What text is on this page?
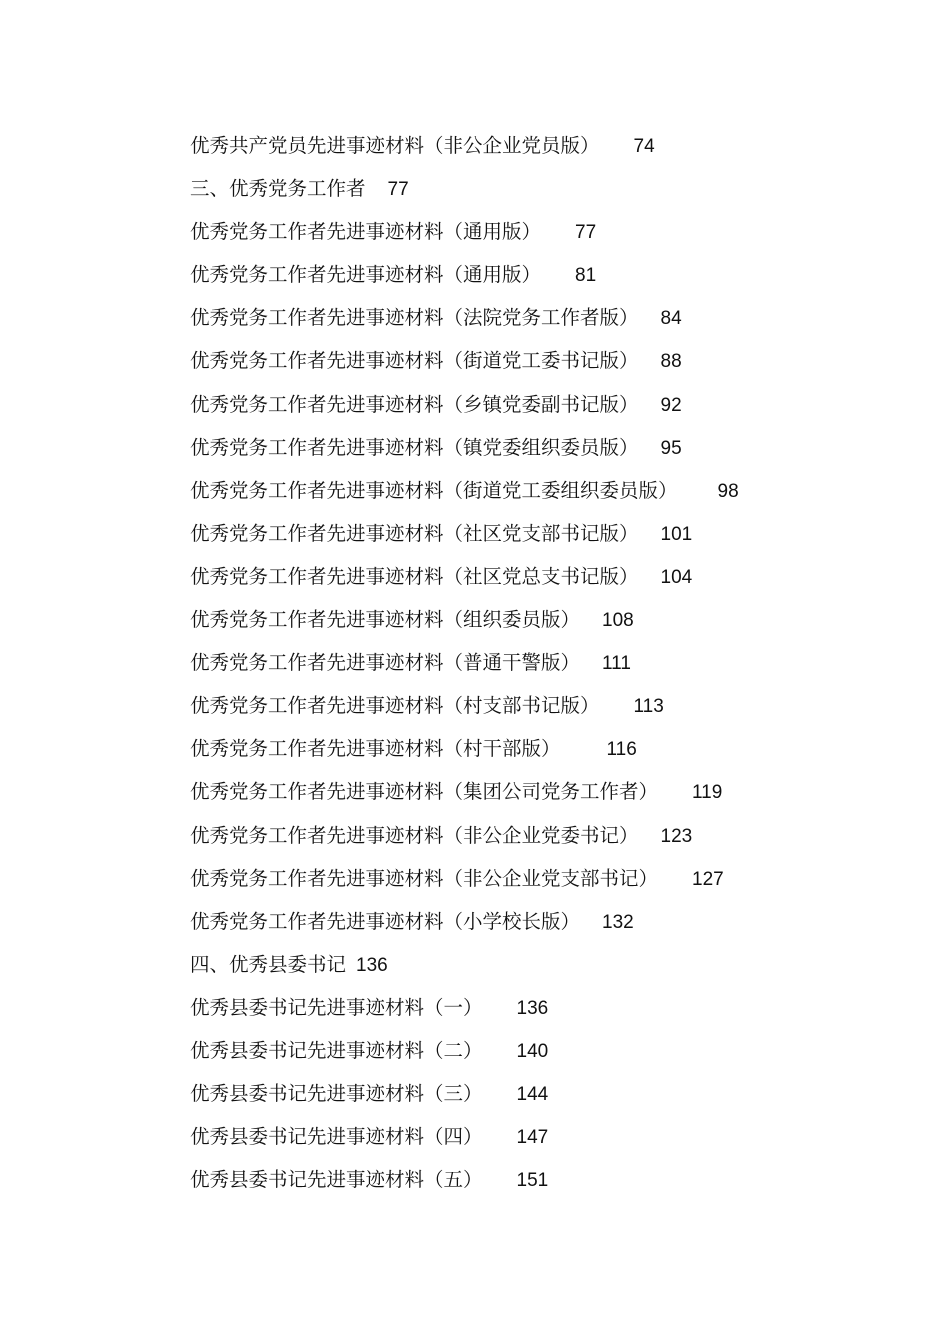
优秀共产党员先进事迹材料（非公企业党员版） 74
三、优秀党务工作者 77
优秀党务工作者先进事迹材料（通用版） 77
优秀党务工作者先进事迹材料（通用版） 81
优秀党务工作者先进事迹材料（法院党务工作者版） 84
优秀党务工作者先进事迹材料（街道党工委书记版） 88
优秀党务工作者先进事迹材料（乡镇党委副书记版） 92
优秀党务工作者先进事迹材料（镇党委组织委员版） 95
优秀党务工作者先进事迹材料（街道党工委组织委员版） 98
优秀党务工作者先进事迹材料（社区党支部书记版） 101
优秀党务工作者先进事迹材料（社区党总支书记版） 104
优秀党务工作者先进事迹材料（组织委员版） 108
优秀党务工作者先进事迹材料（普通干警版） 111
优秀党务工作者先进事迹材料（村支部书记版） 113
优秀党务工作者先进事迹材料（村干部版） 116
优秀党务工作者先进事迹材料（集团公司党务工作者） 119
优秀党务工作者先进事迹材料（非公企业党委书记） 123
优秀党务工作者先进事迹材料（非公企业党支部书记） 127
优秀党务工作者先进事迹材料（小学校长版） 132
四、优秀县委书记 136
优秀县委书记先进事迹材料（一） 136
优秀县委书记先进事迹材料（二） 140
优秀县委书记先进事迹材料（三） 144
优秀县委书记先进事迹材料（四） 147
优秀县委书记先进事迹材料（五） 151
